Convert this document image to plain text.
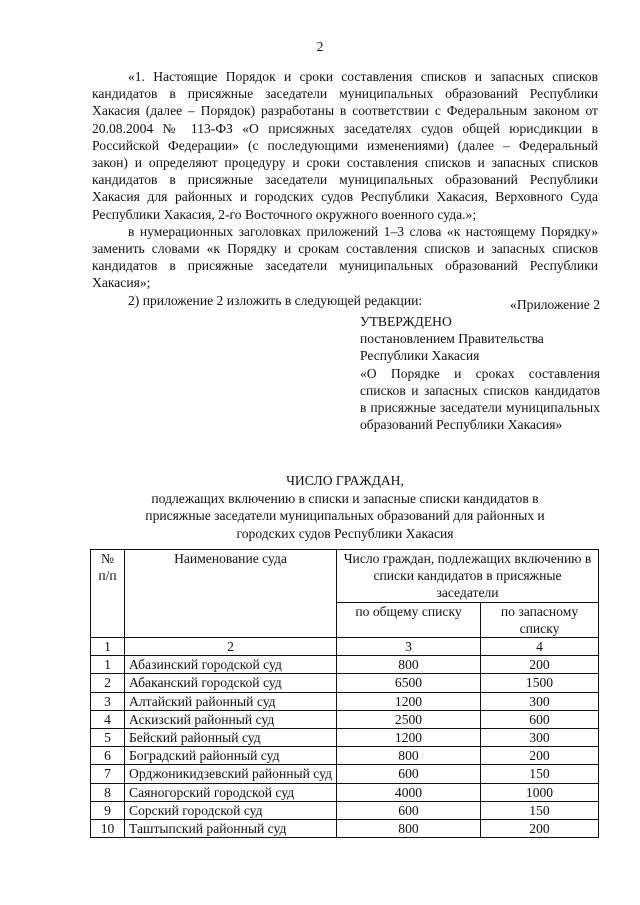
2

«1. Настоящие Порядок и сроки составления списков и запасных списков кандидатов в присяжные заседатели муниципальных образований Республики Хакасия (далее – Порядок) разработаны в соответствии с Федеральным законом от 20.08.2004 № 113-ФЗ «О присяжных заседателях судов общей юрисдикции в Российской Федерации» (с последующими изменениями) (далее – Федеральный закон) и определяют процедуру и сроки составления списков и запасных списков кандидатов в присяжные заседатели муниципальных образований Республики Хакасия для районных и городских судов Республики Хакасия, Верховного Суда Республики Хакасия, 2-го Восточного окружного военного суда.»;

в нумерационных заголовках приложений 1–3 слова «к настоящему Порядку» заменить словами «к Порядку и срокам составления списков и запасных списков кандидатов в присяжные заседатели муниципальных образований Республики Хакасия»;

2) приложение 2 изложить в следующей редакции:	«Приложение 2
УТВЕРЖДЕНО
постановлением Правительства
Республики Хакасия
«О Порядке и сроках составления списков и запасных списков кандидатов в присяжные заседатели муниципальных образований Республики Хакасия»
ЧИСЛО ГРАЖДАН,
подлежащих включению в списки и запасные списки кандидатов в присяжные заседатели муниципальных образований для районных и городских судов Республики Хакасия
№ п/п	Наименование суда	Число граждан, подлежащих включению в списки кандидатов в присяжные заседатели	
		по общему списку	по запасному списку
1	2	3	4
1	Абазинский городской суд	800	200
2	Абаканский городской суд	6500	1500
3	Алтайский районный суд	1200	300
4	Аскизский районный суд	2500	600
5	Бейский районный суд	1200	300
6	Боградский районный суд	800	200
7	Орджоникидзевский районный суд	600	150
8	Саяногорский городской суд	4000	1000
9	Сорский городской суд	600	150
10	Таштыпский районный суд	800	200
